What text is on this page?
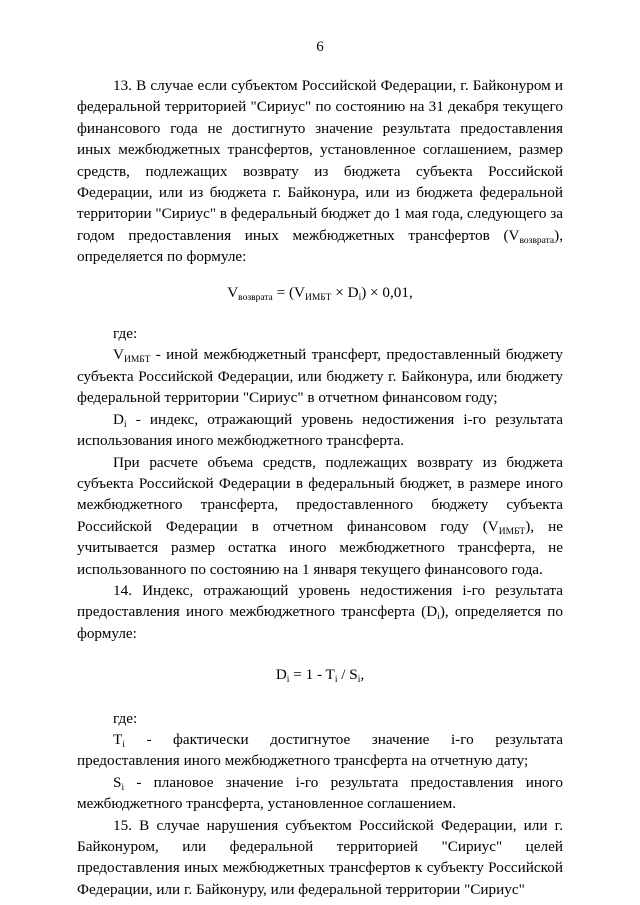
6

13. В случае если субъектом Российской Федерации, г. Байконуром и федеральной территорией "Сириус" по состоянию на 31 декабря текущего финансового года не достигнуто значение результата предоставления иных межбюджетных трансфертов, установленное соглашением, размер средств, подлежащих возврату из бюджета субъекта Российской Федерации, или из бюджета г. Байконура, или из бюджета федеральной территории "Сириус" в федеральный бюджет до 1 мая года, следующего за годом предоставления иных межбюджетных трансфертов $(V_{возврата})$, определяется по формуле:

$V_{возврата} = (V_{ИМБТ} \times D_i) \times 0,01$,

где:

$V_{ИМБТ}$ - иной межбюджетный трансферт, предоставленный бюджету субъекта Российской Федерации, или бюджету г. Байконура, или бюджету федеральной территории "Сириус" в отчетном финансовом году;

$D_i$ - индекс, отражающий уровень недостижения i-го результата использования иного межбюджетного трансферта.

При расчете объема средств, подлежащих возврату из бюджета субъекта Российской Федерации в федеральный бюджет, в размере иного межбюджетного трансферта, предоставленного бюджету субъекта Российской Федерации в отчетном финансовом году $(V_{ИМБТ})$, не учитывается размер остатка иного межбюджетного трансферта, не использованного по состоянию на 1 января текущего финансового года.

14. Индекс, отражающий уровень недостижения i-го результата предоставления иного межбюджетного трансферта $(D_i)$, определяется по формуле:

$D_i = 1 - T_i / S_i$,

где:

$T_i$ - фактически достигнутое значение i-го результата предоставления иного межбюджетного трансферта на отчетную дату;

$S_i$ - плановое значение i-го результата предоставления иного межбюджетного трансферта, установленное соглашением.

15. В случае нарушения субъектом Российской Федерации, или г. Байконуром, или федеральной территорией "Сириус" целей предоставления иных межбюджетных трансфертов к субъекту Российской Федерации, или г. Байконуру, или федеральной территории "Сириус"
